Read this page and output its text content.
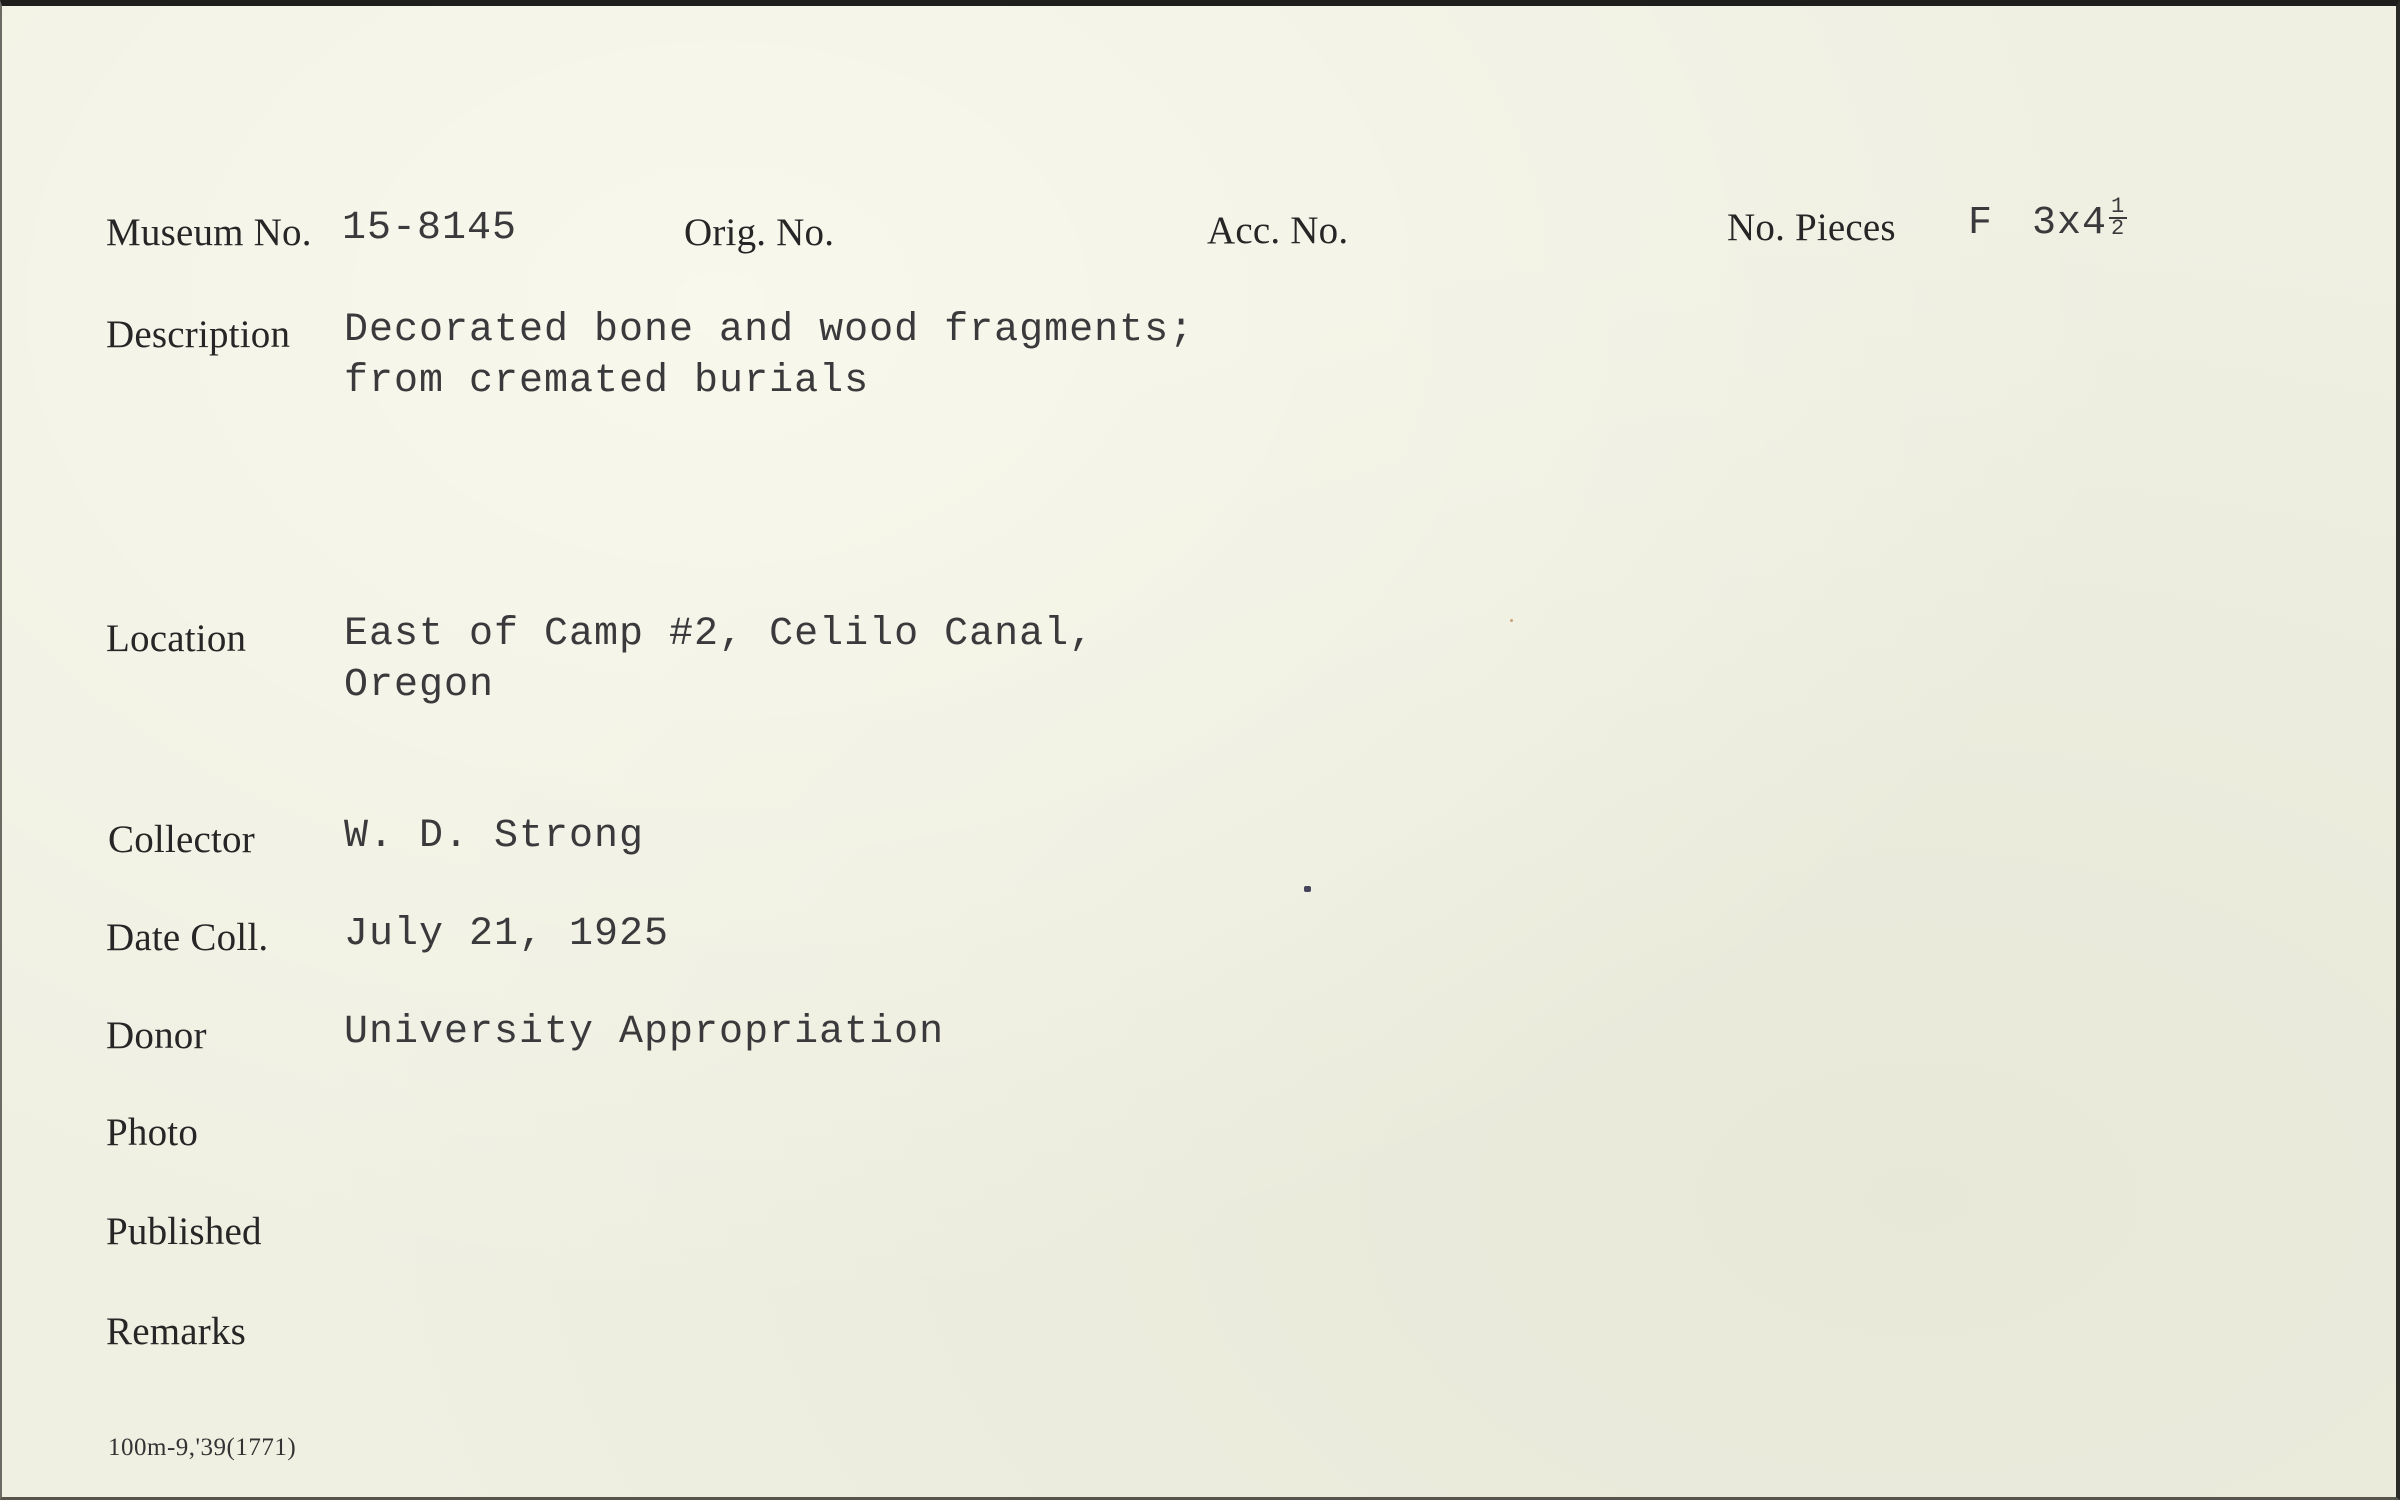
Museum No. 15-8145	Orig. No.	Acc. No.	No. Pieces F $3x4 \frac{1}{2}$
Description Decorated bone and wood fragments;
from cremated burials
Location East of Camp #2, Celilo Canal,
Oregon
Collector W. D. Strong
Date Coll. July 21, 1925
Donor	University Appropriation
Photo
Published
Remarks
100m-9,'39(1771)
